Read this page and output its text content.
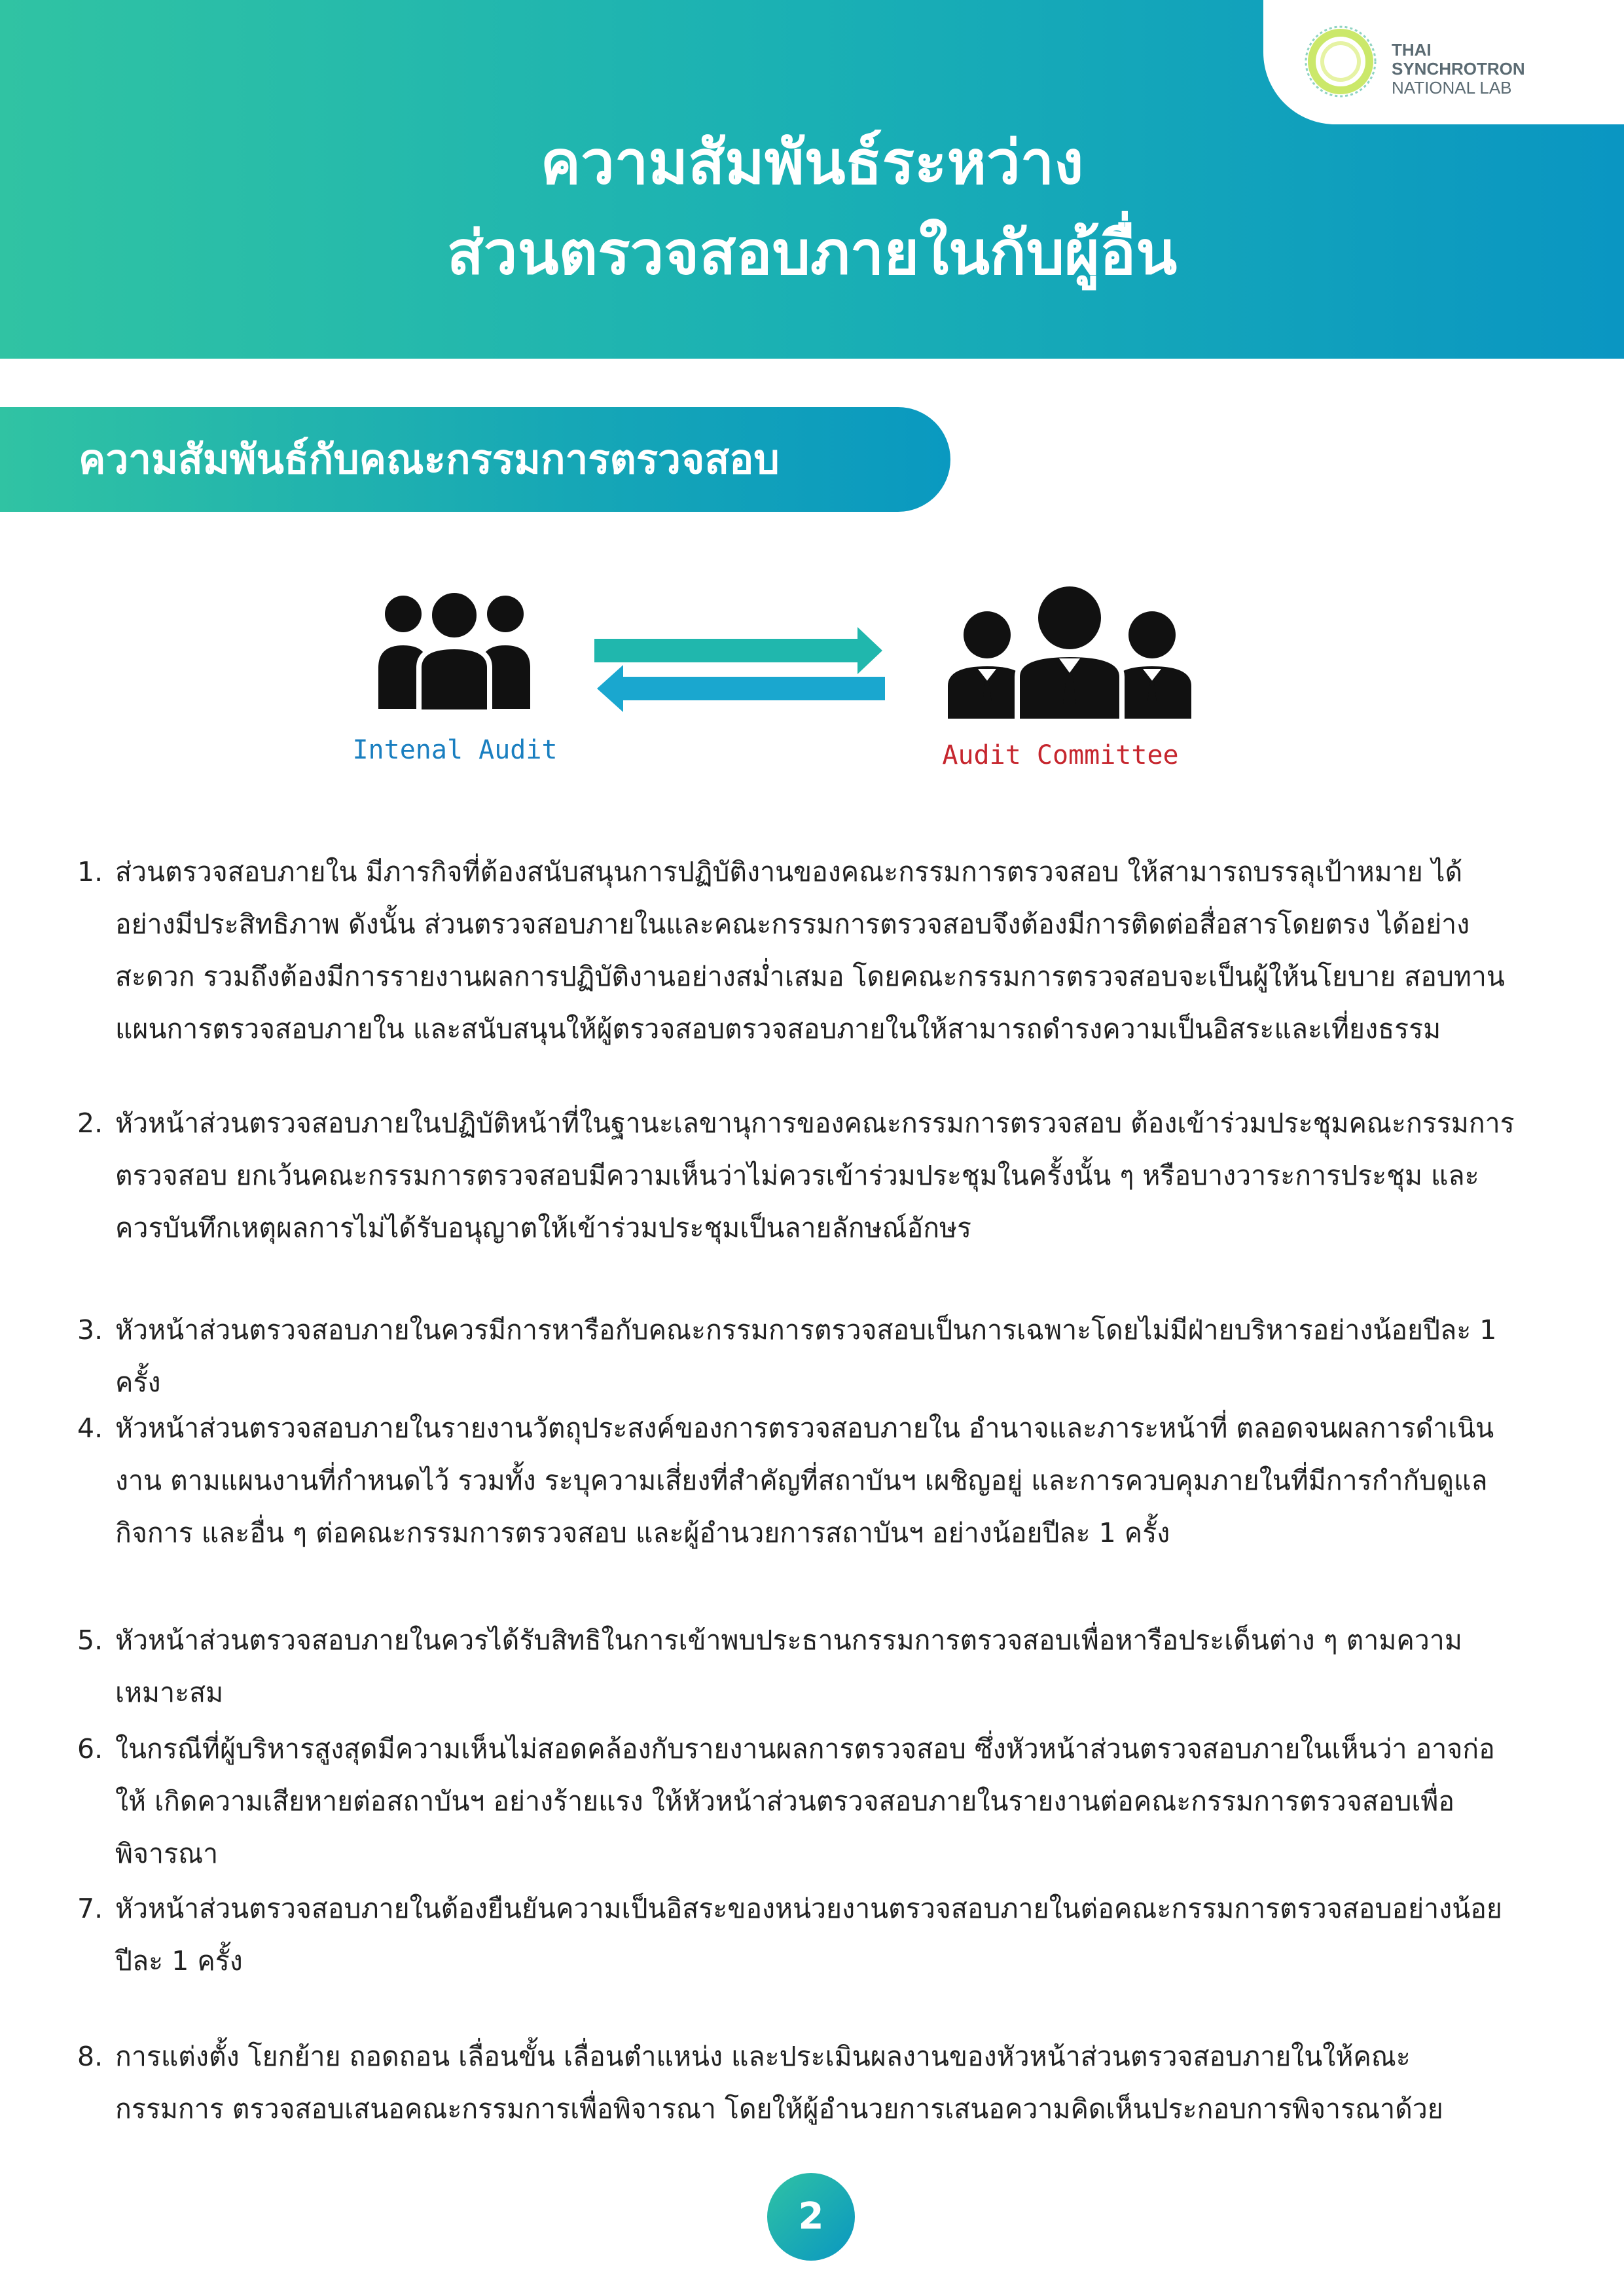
ความสัมพันธ์ระหว่าง
ส่วนตรวจสอบภายในกับผู้อื่น
THAI
SYNCHROTRON
NATIONAL LAB
ความสัมพันธ์กับคณะกรรมการตรวจสอบ
Intenal Audit	Audit Committee
1. ส่วนตรวจสอบภายใน มีภารกิจที่ต้องสนับสนุนการปฏิบัติงานของคณะกรรมการตรวจสอบ ให้สามารถบรรลุเป้าหมาย ได้อย่างมีประสิทธิภาพ ดังนั้น ส่วนตรวจสอบภายในและคณะกรรมการตรวจสอบจึงต้องมีการติดต่อสื่อสารโดยตรง ได้อย่างสะดวก รวมถึงต้องมีการรายงานผลการปฏิบัติงานอย่างสม่ำเสมอ โดยคณะกรรมการตรวจสอบจะเป็นผู้ให้นโยบาย สอบทานแผนการตรวจสอบภายใน และสนับสนุนให้ผู้ตรวจสอบตรวจสอบภายในให้สามารถดำรงความเป็นอิสระและเที่ยงธรรม
2. หัวหน้าส่วนตรวจสอบภายในปฏิบัติหน้าที่ในฐานะเลขานุการของคณะกรรมการตรวจสอบ ต้องเข้าร่วมประชุมคณะกรรมการ ตรวจสอบ ยกเว้นคณะกรรมการตรวจสอบมีความเห็นว่าไม่ควรเข้าร่วมประชุมในครั้งนั้น ๆ หรือบางวาระการประชุม และ ควรบันทึกเหตุผลการไม่ได้รับอนุญาตให้เข้าร่วมประชุมเป็นลายลักษณ์อักษร
3. หัวหน้าส่วนตรวจสอบภายในควรมีการหารือกับคณะกรรมการตรวจสอบเป็นการเฉพาะโดยไม่มีฝ่ายบริหารอย่างน้อยปีละ 1 ครั้ง
4. หัวหน้าส่วนตรวจสอบภายในรายงานวัตถุประสงค์ของการตรวจสอบภายใน อำนาจและภาระหน้าที่ ตลอดจนผลการดำเนินงาน ตามแผนงานที่กำหนดไว้ รวมทั้ง ระบุความเสี่ยงที่สำคัญที่สถาบันฯ เผชิญอยู่ และการควบคุมภายในที่มีการกำกับดูแลกิจการ และอื่น ๆ ต่อคณะกรรมการตรวจสอบ และผู้อำนวยการสถาบันฯ อย่างน้อยปีละ 1 ครั้ง
5. หัวหน้าส่วนตรวจสอบภายในควรได้รับสิทธิในการเข้าพบประธานกรรมการตรวจสอบเพื่อหารือประเด็นต่าง ๆ ตามความเหมาะสม
6. ในกรณีที่ผู้บริหารสูงสุดมีความเห็นไม่สอดคล้องกับรายงานผลการตรวจสอบ ซึ่งหัวหน้าส่วนตรวจสอบภายในเห็นว่า อาจก่อให้ เกิดความเสียหายต่อสถาบันฯ อย่างร้ายแรง ให้หัวหน้าส่วนตรวจสอบภายในรายงานต่อคณะกรรมการตรวจสอบเพื่อพิจารณา
7. หัวหน้าส่วนตรวจสอบภายในต้องยืนยันความเป็นอิสระของหน่วยงานตรวจสอบภายในต่อคณะกรรมการตรวจสอบอย่างน้อย ปีละ 1 ครั้ง
8. การแต่งตั้ง โยกย้าย ถอดถอน เลื่อนขั้น เลื่อนตำแหน่ง และประเมินผลงานของหัวหน้าส่วนตรวจสอบภายในให้คณะกรรมการ ตรวจสอบเสนอคณะกรรมการเพื่อพิจารณา โดยให้ผู้อำนวยการเสนอความคิดเห็นประกอบการพิจารณาด้วย
2
